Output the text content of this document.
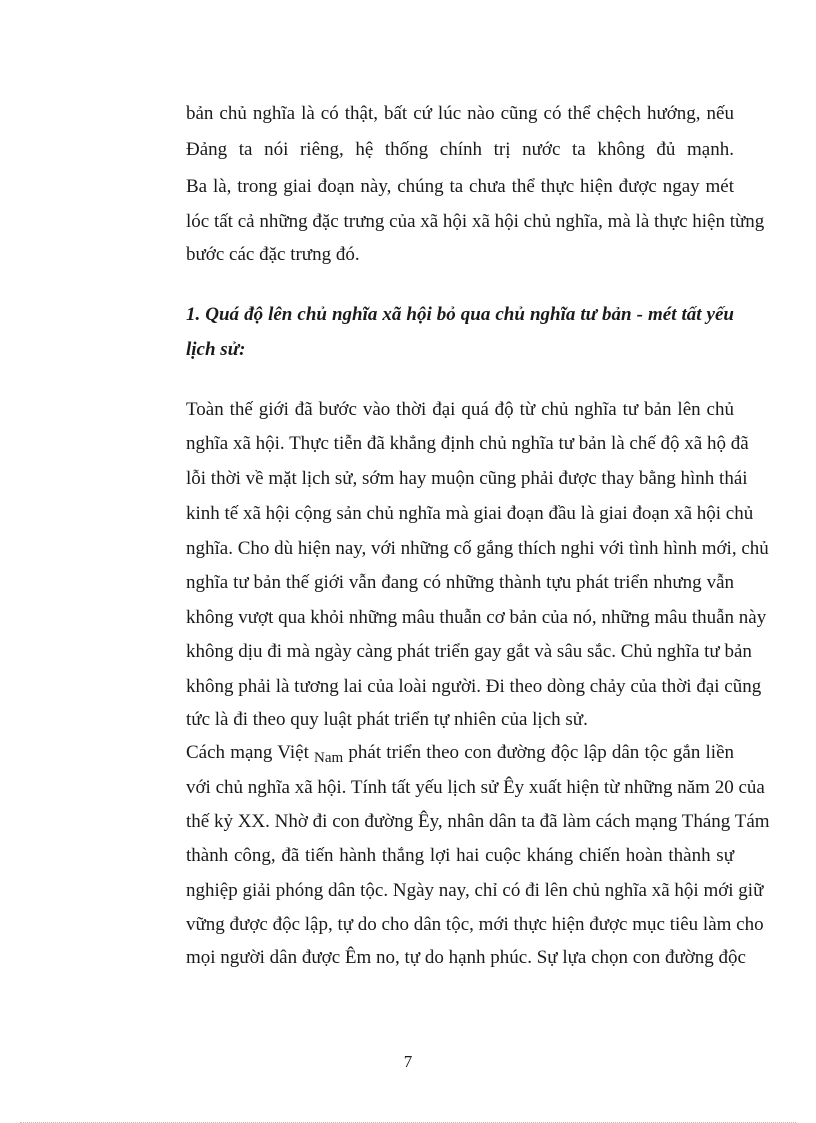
bản chủ nghĩa là có thật, bất cứ lúc nào cũng có thể chệch hướng, nếu
Đảng ta nói riêng, hệ thống chính trị nước ta không đủ mạnh.
Ba là, trong giai đoạn này, chúng ta chưa thể thực hiện được ngay mét
lóc tất cả những đặc trưng của xã hội xã hội chủ nghĩa, mà là thực hiện từng
bước các đặc trưng đó.
1. Quá độ lên chủ nghĩa xã hội bỏ qua chủ nghĩa tư bản - mét tất yếu
lịch sử:
Toàn thế giới đã bước vào thời đại quá độ từ chủ nghĩa tư bản lên chủ
nghĩa xã hội. Thực tiễn đã khẳng định chủ nghĩa tư bản là chế độ xã hộ đã
lỗi thời về mặt lịch sử, sớm hay muộn cũng phải được thay bằng hình thái
kinh tế xã hội cộng sản chủ nghĩa mà giai đoạn đầu là giai đoạn xã hội chủ
nghĩa. Cho dù hiện nay, với những cố gắng thích nghi với tình hình mới, chủ
nghĩa tư bản thế giới vẫn đang có những thành tựu phát triển nhưng vẫn
không vượt qua khỏi những mâu thuẫn cơ bản của nó, những mâu thuẫn này
không dịu đi mà ngày càng phát triển gay gắt và sâu sắc. Chủ nghĩa tư bản
không phải là tương lai của loài người. Đi theo dòng chảy của thời đại cũng
tức là đi theo quy luật phát triển tự nhiên của lịch sử.
Cách mạng Việt $_{Nam}$ phát triển theo con đường độc lập dân tộc gắn liền
với chủ nghĩa xã hội. Tính tất yếu lịch sử Êy xuất hiện từ những năm 20 của
thế kỷ XX. Nhờ đi con đường Êy, nhân dân ta đã làm cách mạng Tháng Tám
thành công, đã tiến hành thắng lợi hai cuộc kháng chiến hoàn thành sự
nghiệp giải phóng dân tộc. Ngày nay, chỉ có đi lên chủ nghĩa xã hội mới giữ
vững được độc lập, tự do cho dân tộc, mới thực hiện được mục tiêu làm cho
mọi người dân được Êm no, tự do hạnh phúc. Sự lựa chọn con đường độc
7
